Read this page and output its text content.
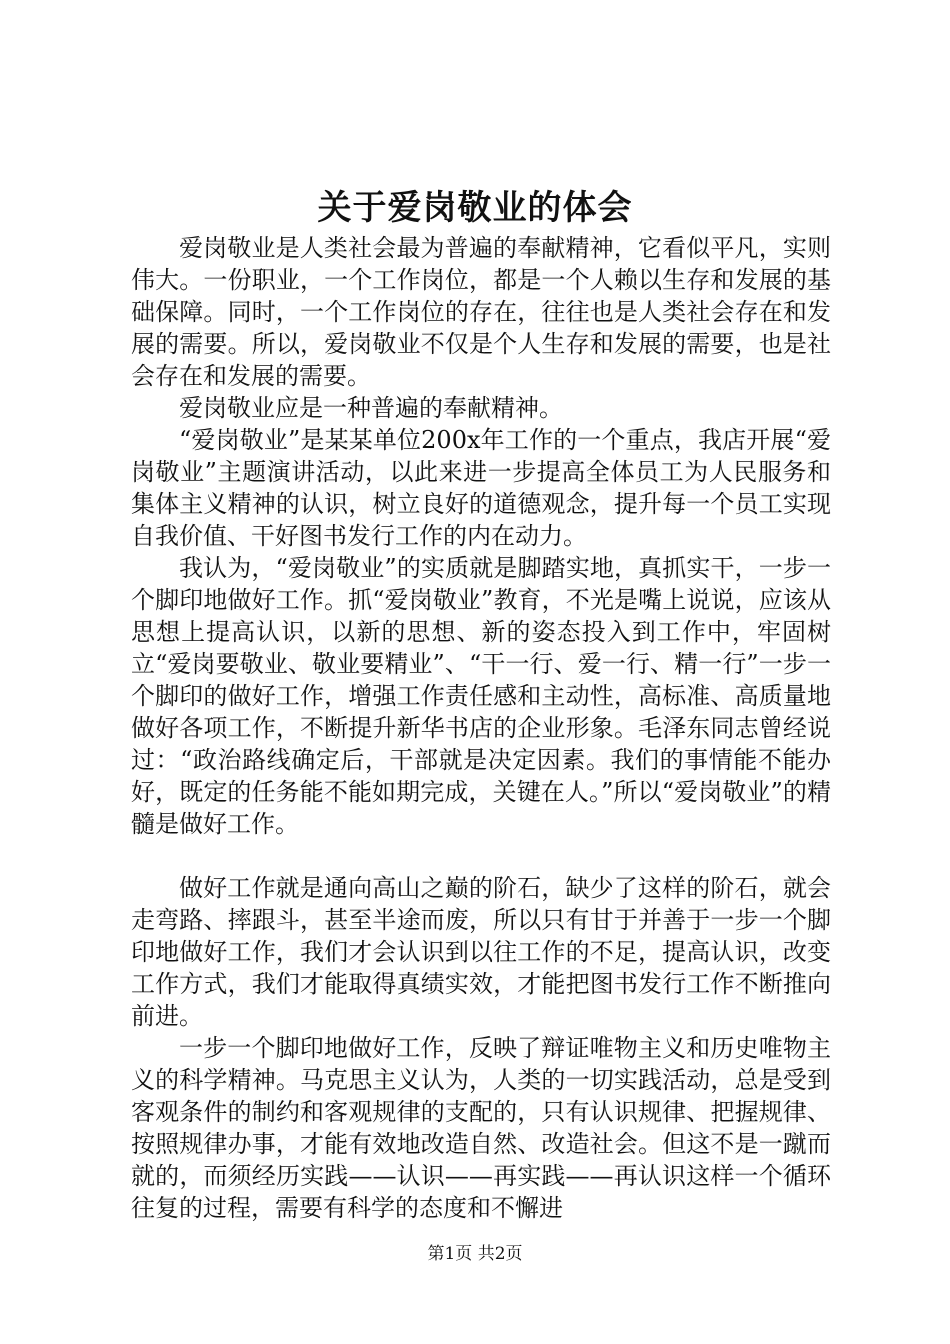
关于爱岗敬业的体会

爱岗敬业是人类社会最为普遍的奉献精神，它看似平凡，实则伟大。一份职业，一个工作岗位，都是一个人赖以生存和发展的基础保障。同时，一个工作岗位的存在，往往也是人类社会存在和发展的需要。所以，爱岗敬业不仅是个人生存和发展的需要，也是社会存在和发展的需要。

爱岗敬业应是一种普遍的奉献精神。

“爱岗敬业”是某某单位200x年工作的一个重点，我店开展“爱岗敬业”主题演讲活动，以此来进一步提高全体员工为人民服务和集体主义精神的认识，树立良好的道德观念，提升每一个员工实现自我价值、干好图书发行工作的内在动力。

我认为，“爱岗敬业”的实质就是脚踏实地，真抓实干，一步一个脚印地做好工作。抓“爱岗敬业”教育，不光是嘴上说说，应该从思想上提高认识，以新的思想、新的姿态投入到工作中，牢固树立“爱岗要敬业、敬业要精业”、“干一行、爱一行、精一行”一步一个脚印的做好工作，增强工作责任感和主动性，高标准、高质量地做好各项工作，不断提升新华书店的企业形象。毛泽东同志曾经说过：“政治路线确定后，干部就是决定因素。我们的事情能不能办好，既定的任务能不能如期完成，关键在人。”所以“爱岗敬业”的精髓是做好工作。

做好工作就是通向高山之巅的阶石，缺少了这样的阶石，就会走弯路、摔跟斗，甚至半途而废，所以只有甘于并善于一步一个脚印地做好工作，我们才会认识到以往工作的不足，提高认识，改变工作方式，我们才能取得真绩实效，才能把图书发行工作不断推向前进。

一步一个脚印地做好工作，反映了辩证唯物主义和历史唯物主义的科学精神。马克思主义认为，人类的一切实践活动，总是受到客观条件的制约和客观规律的支配的，只有认识规律、把握规律、按照规律办事，才能有效地改造自然、改造社会。但这不是一蹴而就的，而须经历实践——认识——再实践——再认识这样一个循环往复的过程，需要有科学的态度和不懈进

第1页 共2页
